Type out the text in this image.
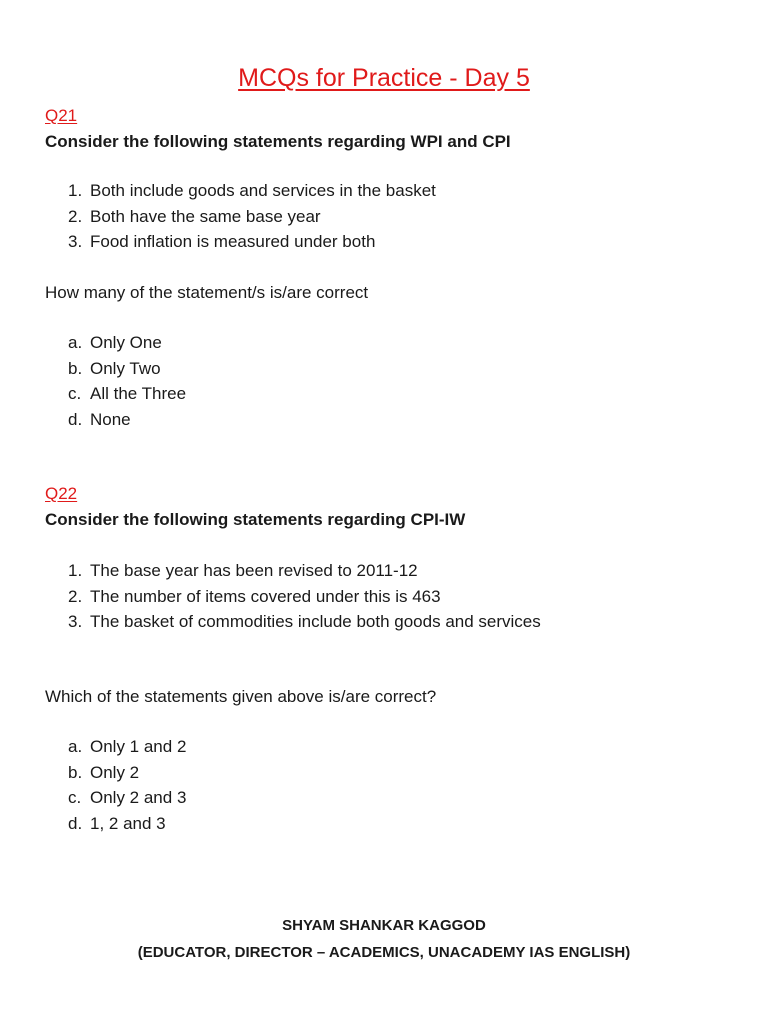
MCQs for Practice - Day 5
Q21
Consider the following statements regarding WPI and CPI
1. Both include goods and services in the basket
2. Both have the same base year
3. Food inflation is measured under both
How many of the statement/s is/are correct
a. Only One
b. Only Two
c. All the Three
d. None
Q22
Consider the following statements regarding CPI-IW
1. The base year has been revised to 2011-12
2. The number of items covered under this is 463
3. The basket of commodities include both goods and services
Which of the statements given above is/are correct?
a. Only 1 and 2
b. Only 2
c. Only 2 and 3
d. 1, 2 and 3
SHYAM SHANKAR KAGGOD
(EDUCATOR, DIRECTOR – ACADEMICS, UNACADEMY IAS ENGLISH)
